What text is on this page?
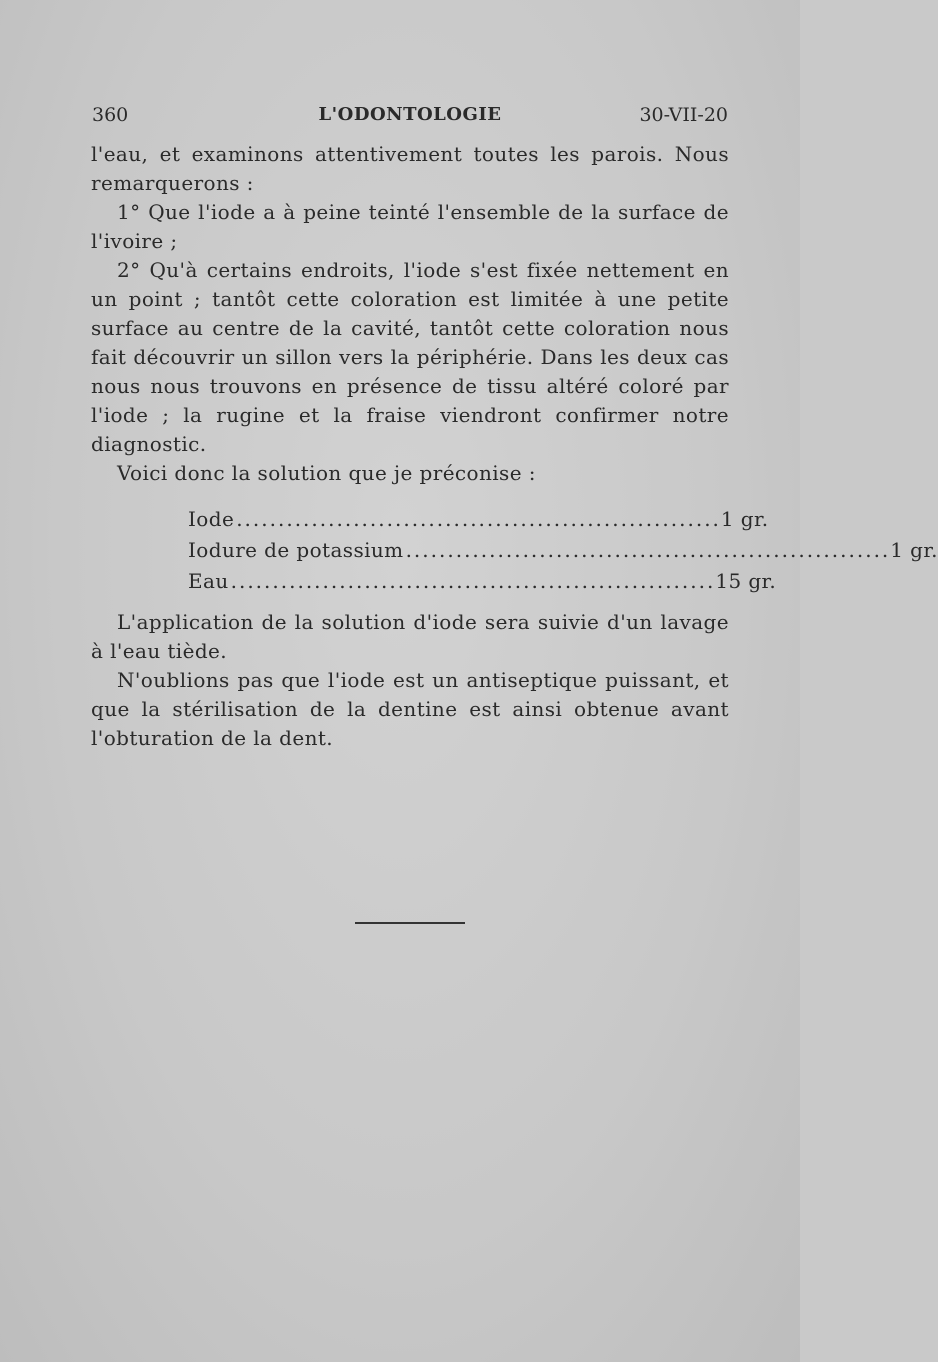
360	L'ODONTOLOGIE	30-VII-20

l'eau, et examinons attentivement toutes les parois. Nous remarquerons :

1° Que l'iode a à peine teinté l'ensemble de la surface de l'ivoire ;

2° Qu'à certains endroits, l'iode s'est fixée nettement en un point ; tantôt cette coloration est limitée à une petite surface au centre de la cavité, tantôt cette coloration nous fait découvrir un sillon vers la périphérie. Dans les deux cas nous nous trouvons en présence de tissu altéré coloré par l'iode ; la rugine et la fraise viendront confirmer notre diagnostic.

Voici donc la solution que je préconise :

Iode .......................................................... 1 gr.
Iodure de potassium .......................................................... 1 gr.
Eau .......................................................... 15 gr.

L'application de la solution d'iode sera suivie d'un lavage à l'eau tiède.

N'oublions pas que l'iode est un antiseptique puissant, et que la stérilisation de la dentine est ainsi obtenue avant l'obturation de la dent.
